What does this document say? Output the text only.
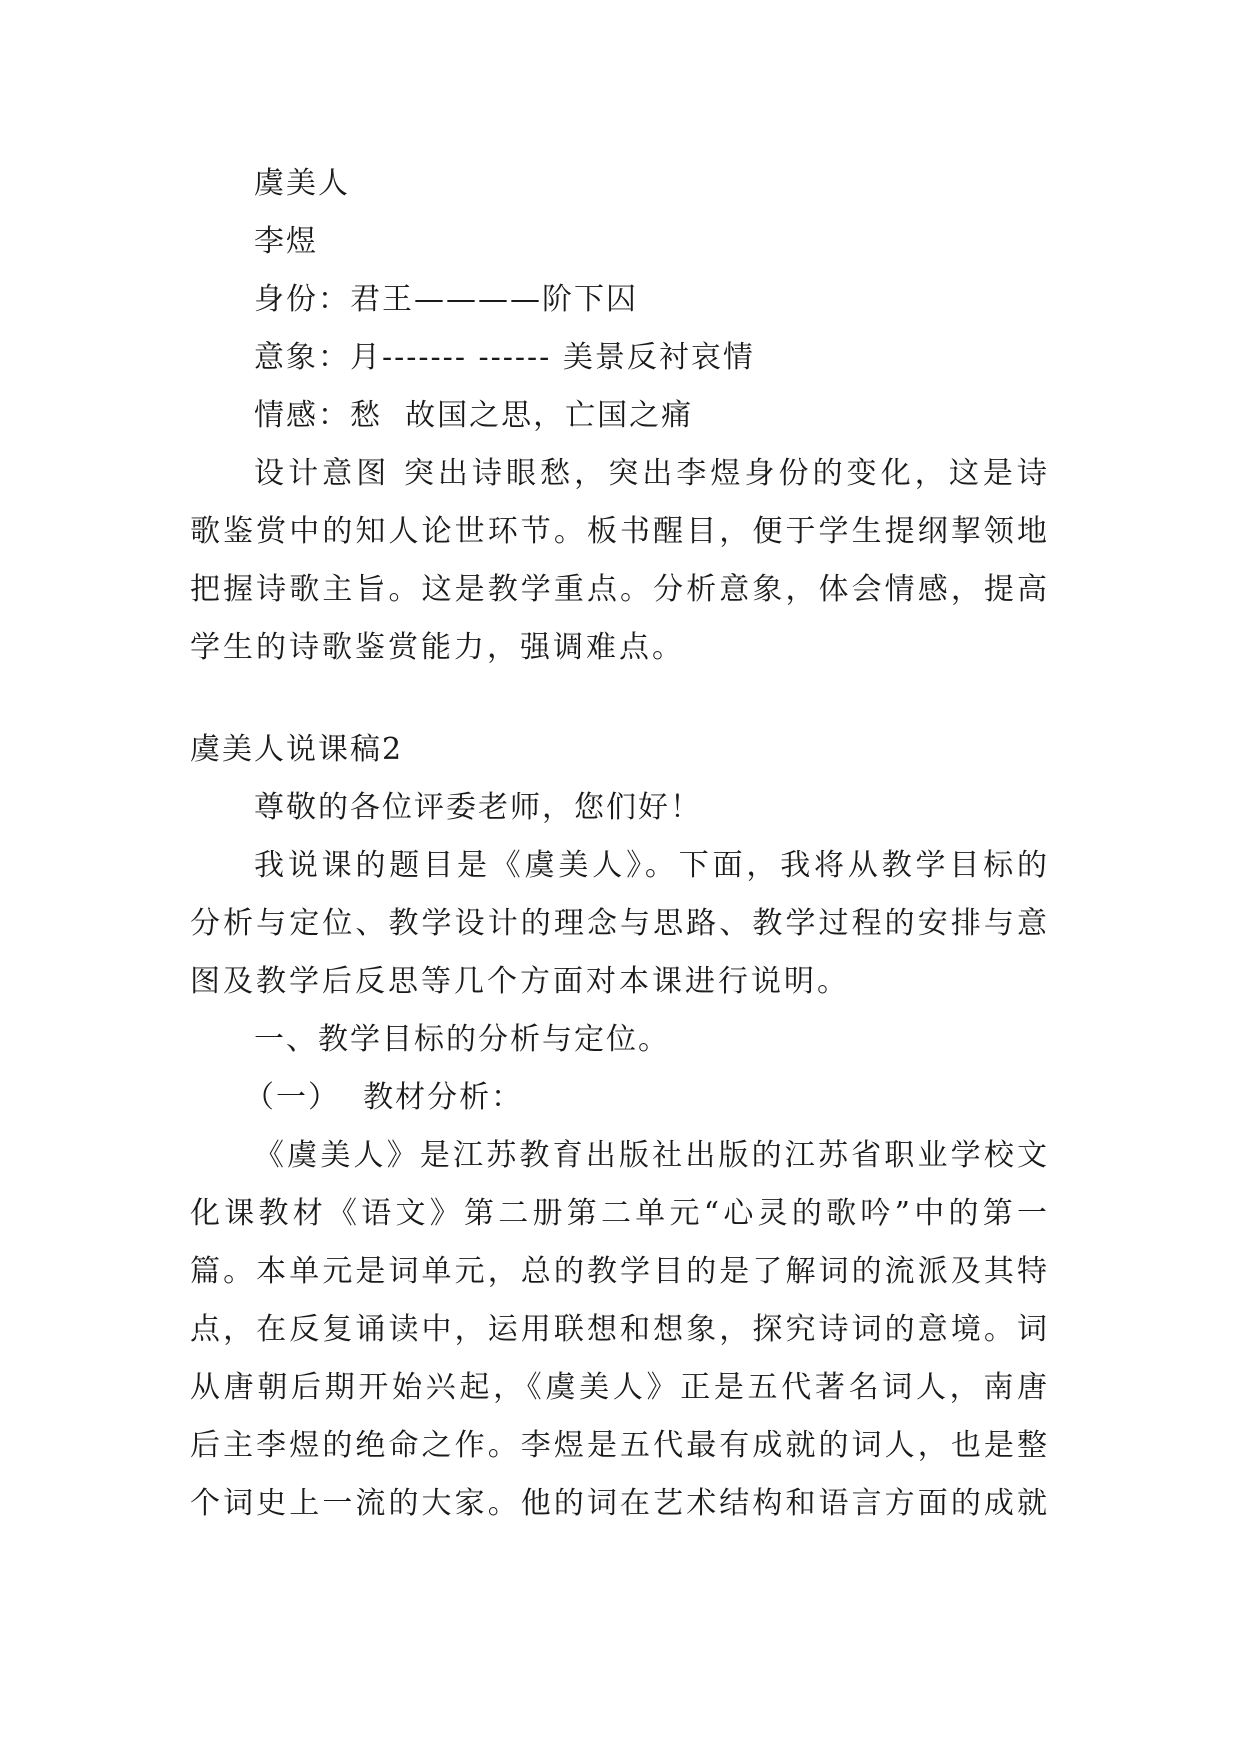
虞美人
李煜
身份：君王————阶下囚
意象：月------- ------ 美景反衬哀情
情感：愁  故国之思，亡国之痛
设计意图 突出诗眼愁，突出李煜身份的变化，这是诗
歌鉴赏中的知人论世环节。板书醒目，便于学生提纲挈领地
把握诗歌主旨。这是教学重点。分析意象，体会情感，提高
学生的诗歌鉴赏能力，强调难点。
虞美人说课稿2
尊敬的各位评委老师，您们好！
我说课的题目是《虞美人》。下面，我将从教学目标的
分析与定位、教学设计的理念与思路、教学过程的安排与意
图及教学后反思等几个方面对本课进行说明。
一、教学目标的分析与定位。
（一）  教材分析：
《虞美人》是江苏教育出版社出版的江苏省职业学校文
化课教材《语文》第二册第二单元“心灵的歌吟”中的第一
篇。本单元是词单元，总的教学目的是了解词的流派及其特
点，在反复诵读中，运用联想和想象，探究诗词的意境。词
从唐朝后期开始兴起，《虞美人》正是五代著名词人，南唐
后主李煜的绝命之作。李煜是五代最有成就的词人，也是整
个词史上一流的大家。他的词在艺术结构和语言方面的成就
